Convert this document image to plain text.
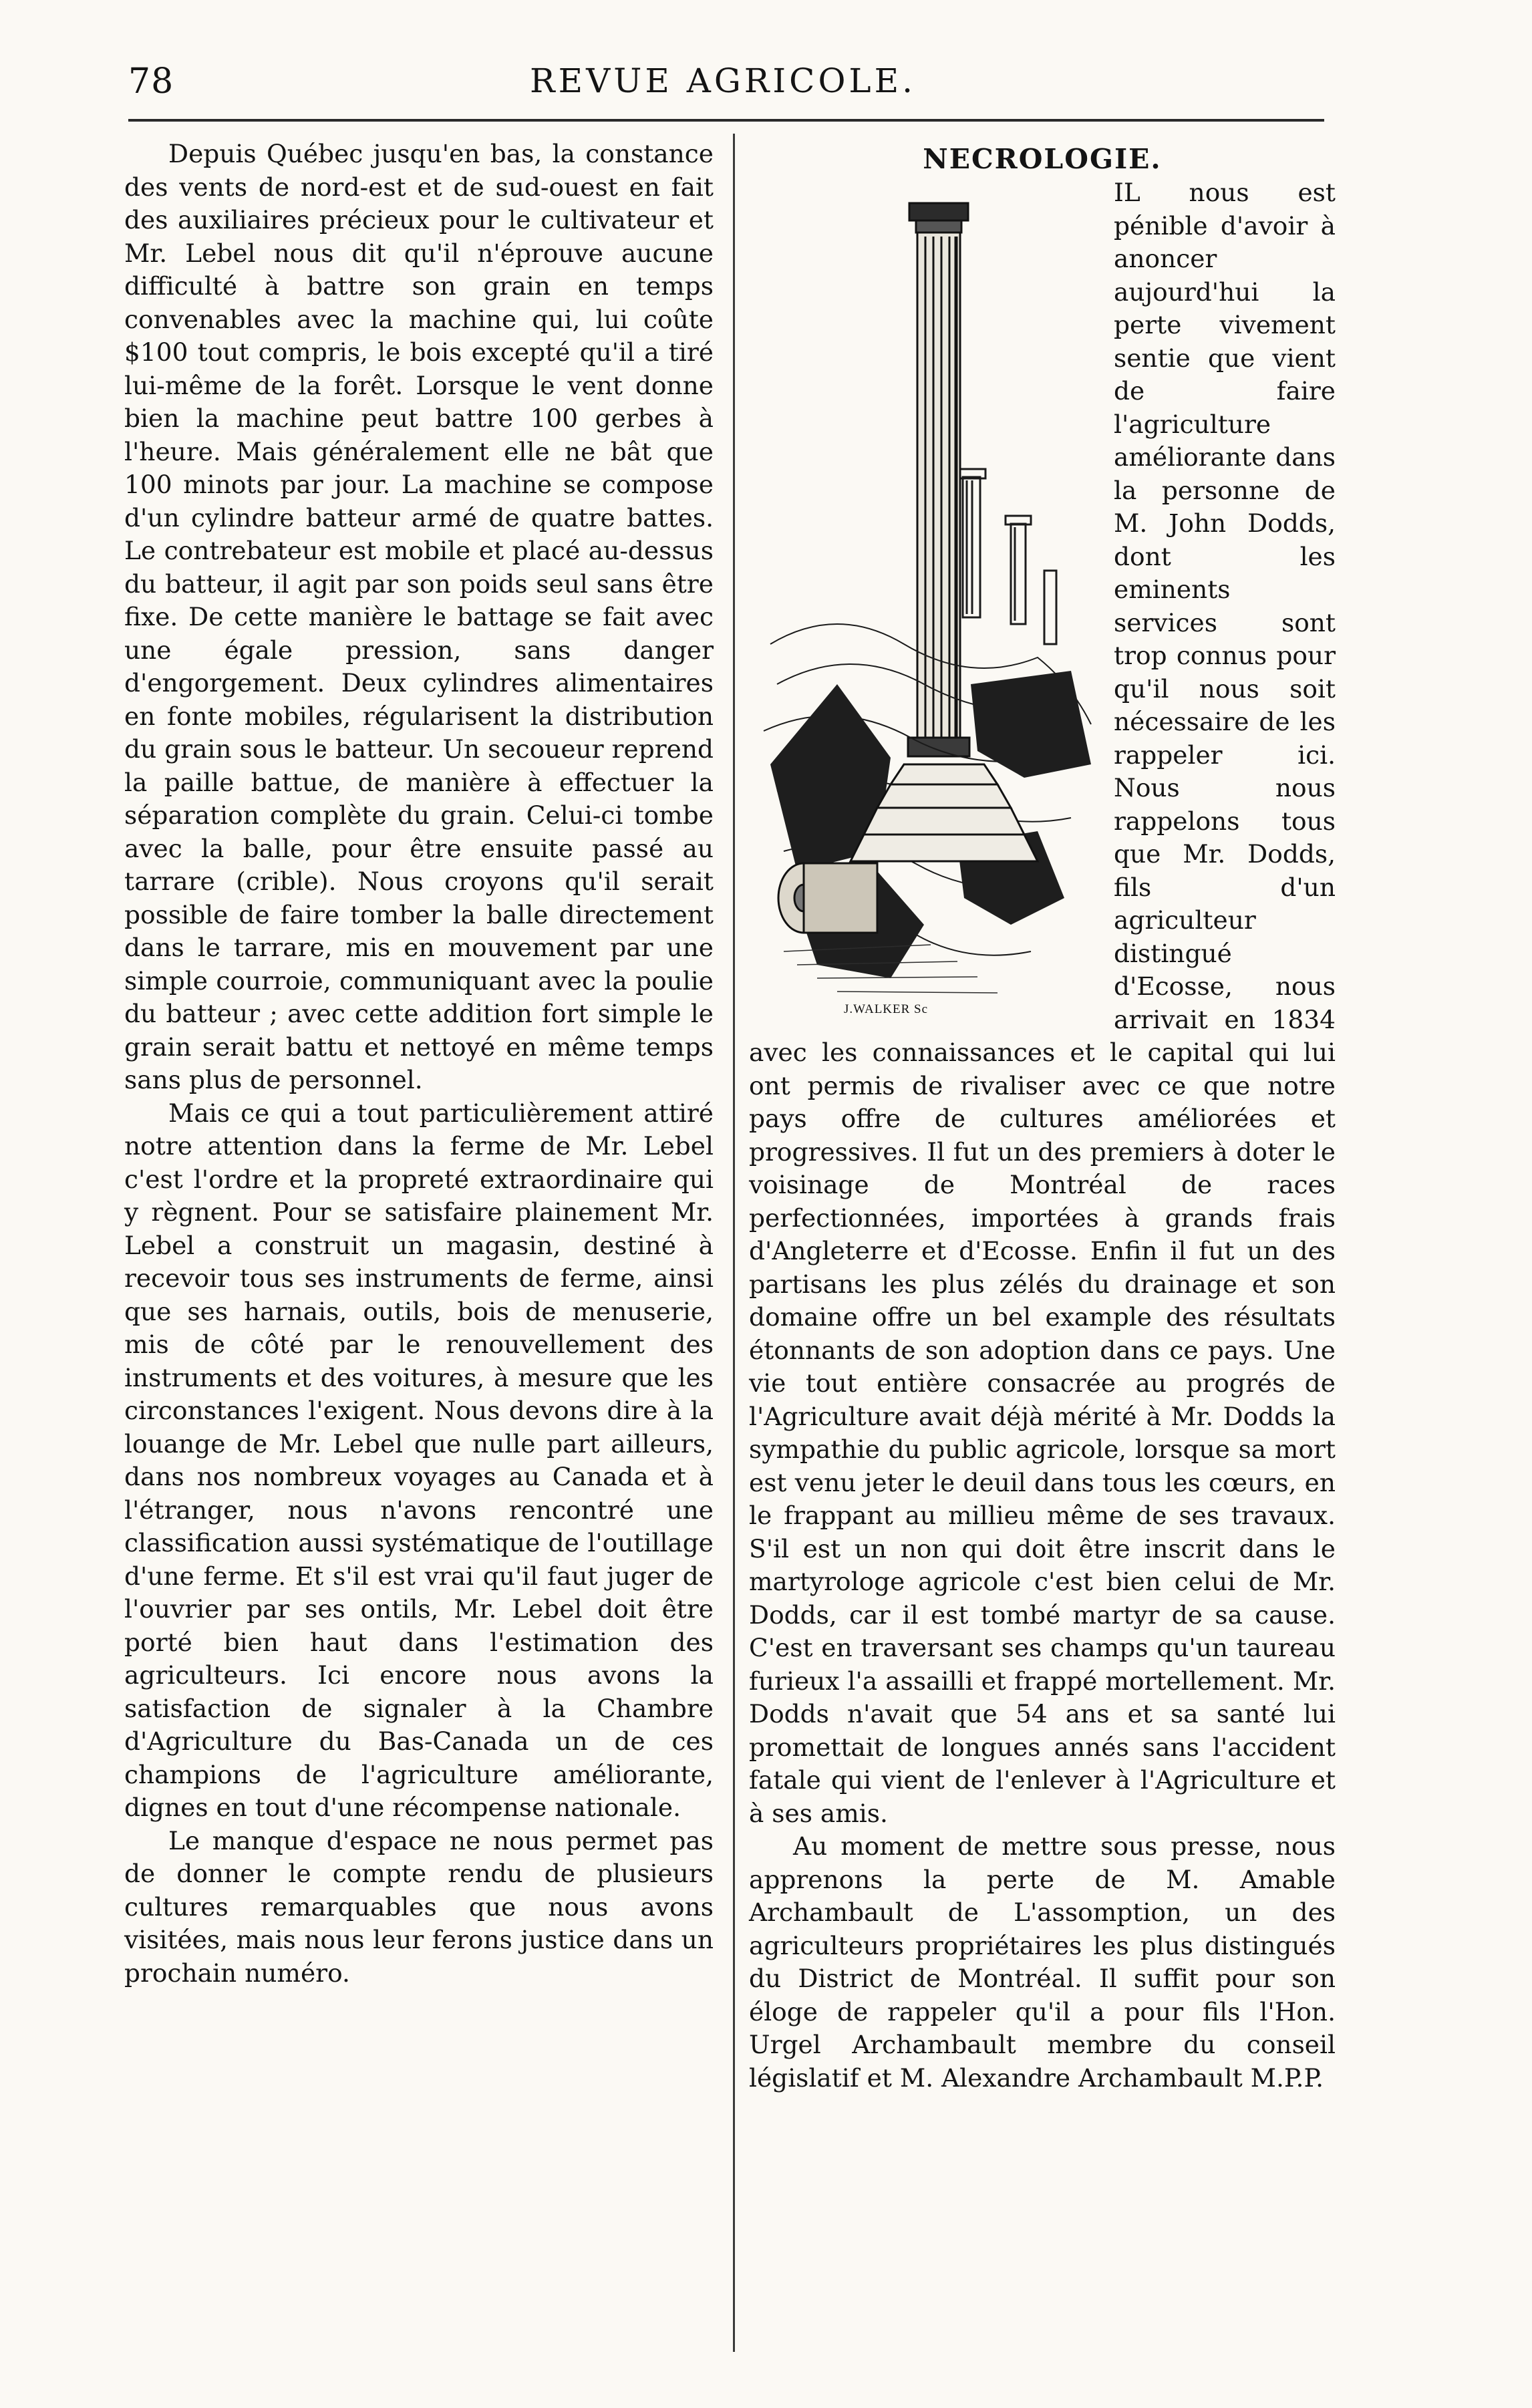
78	REVUE AGRICOLE.

Depuis Québec jusqu'en bas, la constance des vents de nord-est et de sud-ouest en fait des auxiliaires précieux pour le cultivateur et Mr. Lebel nous dit qu'il n'éprouve aucune difficulté à battre son grain en temps convenables avec la machine qui, lui coûte $100 tout compris, le bois excepté qu'il a tiré lui-même de la forêt. Lorsque le vent donne bien la machine peut battre 100 gerbes à l'heure. Mais généralement elle ne bât que 100 minots par jour. La machine se compose d'un cylindre batteur armé de quatre battes. Le contrebateur est mobile et placé au-dessus du batteur, il agit par son poids seul sans être fixe. De cette manière le battage se fait avec une égale pression, sans danger d'engorgement. Deux cylindres alimentaires en fonte mobiles, régularisent la distribution du grain sous le batteur. Un secoueur reprend la paille battue, de manière à effectuer la séparation complète du grain. Celui-ci tombe avec la balle, pour être ensuite passé au tarrare (crible). Nous croyons qu'il serait possible de faire tomber la balle directement dans le tarrare, mis en mouvement par une simple courroie, communiquant avec la poulie du batteur ; avec cette addition fort simple le grain serait battu et nettoyé en même temps sans plus de personnel.

Mais ce qui a tout particulièrement attiré notre attention dans la ferme de Mr. Lebel c'est l'ordre et la propreté extraordinaire qui y règnent. Pour se satisfaire plainement Mr. Lebel a construit un magasin, destiné à recevoir tous ses instruments de ferme, ainsi que ses harnais, outils, bois de menuserie, mis de côté par le renouvellement des instruments et des voitures, à mesure que les circonstances l'exigent. Nous devons dire à la louange de Mr. Lebel que nulle part ailleurs, dans nos nombreux voyages au Canada et à l'étranger, nous n'avons rencontré une classification aussi systématique de l'outillage d'une ferme. Et s'il est vrai qu'il faut juger de l'ouvrier par ses ontils, Mr. Lebel doit être porté bien haut dans l'estimation des agriculteurs. Ici encore nous avons la satisfaction de signaler à la Chambre d'Agriculture du Bas-Canada un de ces champions de l'agriculture améliorante, dignes en tout d'une récompense nationale.

Le manque d'espace ne nous permet pas de donner le compte rendu de plusieurs cultures remarquables que nous avons visitées, mais nous leur ferons justice dans un prochain numéro.

NECROLOGIE.
J.WALKER Sc

IL nous est pénible d'avoir à anoncer aujourd'hui la perte vivement sentie que vient de faire l'agriculture améliorante dans la personne de M. John Dodds, dont les eminents services sont trop connus pour qu'il nous soit nécessaire de les rappeler ici. Nous nous rappelons tous que Mr. Dodds, fils d'un agriculteur distingué d'Ecosse, nous arrivait en 1834 avec les connaissances et le capital qui lui ont permis de rivaliser avec ce que notre pays offre de cultures améliorées et progressives. Il fut un des premiers à doter le voisinage de Montréal de races perfectionnées, importées à grands frais d'Angleterre et d'Ecosse. Enfin il fut un des partisans les plus zélés du drainage et son domaine offre un bel example des résultats étonnants de son adoption dans ce pays. Une vie tout entière consacrée au progrés de l'Agriculture avait déjà mérité à Mr. Dodds la sympathie du public agricole, lorsque sa mort est venu jeter le deuil dans tous les cœurs, en le frappant au millieu même de ses travaux. S'il est un non qui doit être inscrit dans le martyrologe agricole c'est bien celui de Mr. Dodds, car il est tombé martyr de sa cause. C'est en traversant ses champs qu'un taureau furieux l'a assailli et frappé mortellement. Mr. Dodds n'avait que 54 ans et sa santé lui promettait de longues annés sans l'accident fatale qui vient de l'enlever à l'Agriculture et à ses amis.

Au moment de mettre sous presse, nous apprenons la perte de M. Amable Archambault de L'assomption, un des agriculteurs propriétaires les plus distingués du District de Montréal. Il suffit pour son éloge de rappeler qu'il a pour fils l'Hon. Urgel Archambault membre du conseil législatif et M. Alexandre Archambault M.P.P.
